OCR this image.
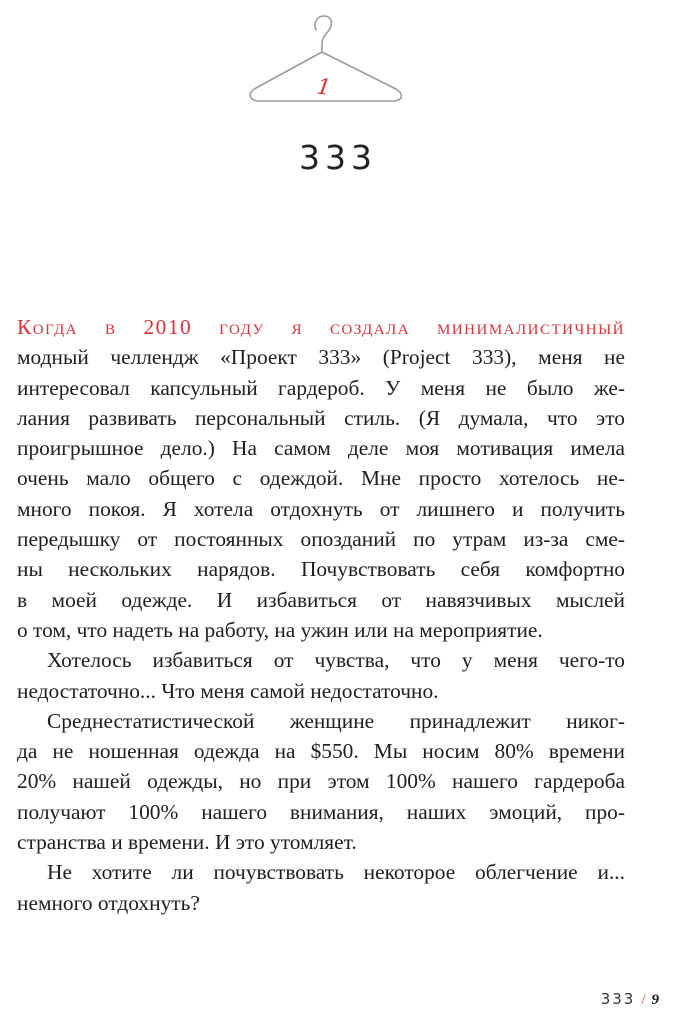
1
333
Когда в 2010 году я создала минималистичный
модный челлендж «Проект 333» (Project 333), меня не
интересовал капсульный гардероб. У меня не было же-
лания развивать персональный стиль. (Я думала, что это
проигрышное дело.) На самом деле моя мотивация имела
очень мало общего с одеждой. Мне просто хотелось не-
много покоя. Я хотела отдохнуть от лишнего и получить
передышку от постоянных опозданий по утрам из-за сме-
ны нескольких нарядов. Почувствовать себя комфортно
в моей одежде. И избавиться от навязчивых мыслей
о том, что надеть на работу, на ужин или на мероприятие.
Хотелось избавиться от чувства, что у меня чего-то
недостаточно... Что меня самой недостаточно.
Среднестатистической женщине принадлежит никог-
да не ношенная одежда на $550. Мы носим 80% времени
20% нашей одежды, но при этом 100% нашего гардероба
получают 100% нашего внимания, наших эмоций, про-
странства и времени. И это утомляет.
Не хотите ли почувствовать некоторое облегчение и...
немного отдохнуть?
333 / 9
